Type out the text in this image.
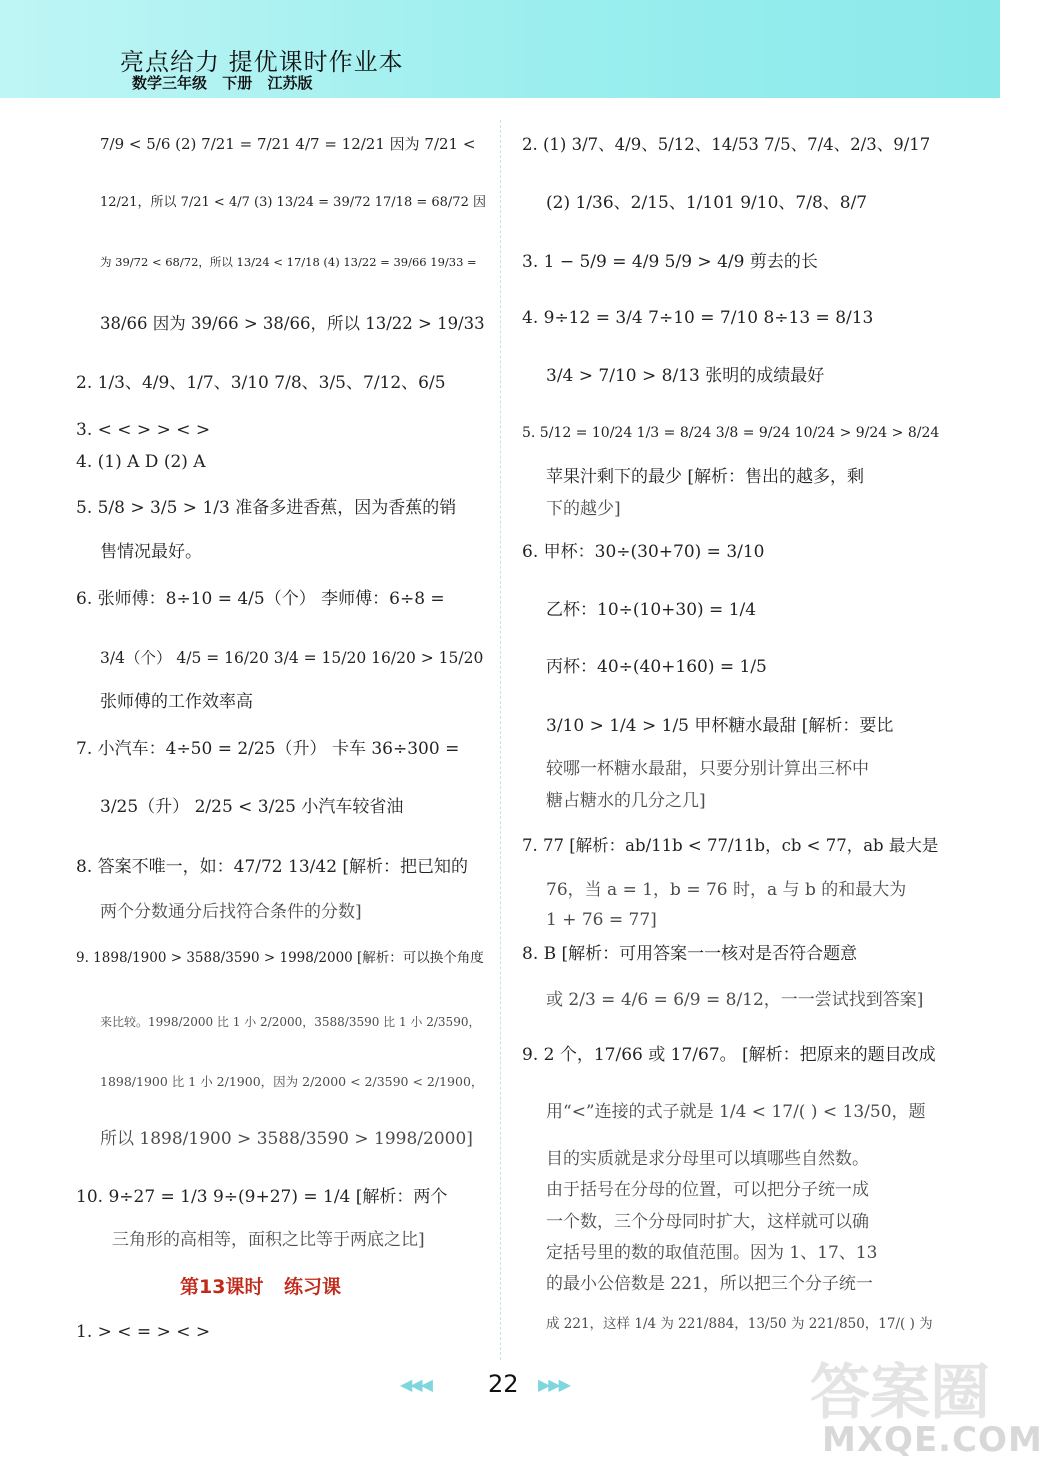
亮点给力 提优课时作业本
数学三年级 下册 江苏版
7/9 < 5/6 (2) 7/21 = 7/21 4/7 = 12/21 因为 7/21 <
12/21，所以 7/21 < 4/7 (3) 13/24 = 39/72 17/18 = 68/72 因
为 39/72 < 68/72，所以 13/24 < 17/18 (4) 13/22 = 39/66 19/33 =
38/66 因为 39/66 > 38/66，所以 13/22 > 19/33
2. 1/3、4/9、1/7、3/10 7/8、3/5、7/12、6/5
3. < < > > < >
4. (1) A D (2) A
5. 5/8 > 3/5 > 1/3 准备多进香蕉，因为香蕉的销
售情况最好。
6. 张师傅：8÷10 = 4/5（个） 李师傅：6÷8 =
3/4（个） 4/5 = 16/20 3/4 = 15/20 16/20 > 15/20
张师傅的工作效率高
7. 小汽车：4÷50 = 2/25（升） 卡车 36÷300 =
3/25（升） 2/25 < 3/25 小汽车较省油
8. 答案不唯一，如：47/72 13/42 [解析：把已知的
两个分数通分后找符合条件的分数]
9. 1898/1900 > 3588/3590 > 1998/2000 [解析：可以换个角度
来比较。1998/2000 比 1 小 2/2000，3588/3590 比 1 小 2/3590，
1898/1900 比 1 小 2/1900，因为 2/2000 < 2/3590 < 2/1900，
所以 1898/1900 > 3588/3590 > 1998/2000]
10. 9÷27 = 1/3 9÷(9+27) = 1/4 [解析：两个
三角形的高相等，面积之比等于两底之比]
1. > < = > < >
第13课时 练习课
2. (1) 3/7、4/9、5/12、14/53 7/5、7/4、2/3、9/17
(2) 1/36、2/15、1/101 9/10、7/8、8/7
3. 1 − 5/9 = 4/9 5/9 > 4/9 剪去的长
4. 9÷12 = 3/4 7÷10 = 7/10 8÷13 = 8/13
3/4 > 7/10 > 8/13 张明的成绩最好
5. 5/12 = 10/24 1/3 = 8/24 3/8 = 9/24 10/24 > 9/24 > 8/24
苹果汁剩下的最少 [解析：售出的越多，剩
下的越少]
6. 甲杯：30÷(30+70) = 3/10
乙杯：10÷(10+30) = 1/4
丙杯：40÷(40+160) = 1/5
3/10 > 1/4 > 1/5 甲杯糖水最甜 [解析：要比
较哪一杯糖水最甜，只要分别计算出三杯中
糖占糖水的几分之几]
7. 77 [解析：ab/11b < 77/11b，cb < 77，ab 最大是
76，当 a = 1，b = 76 时，a 与 b 的和最大为
1 + 76 = 77]
8. B [解析：可用答案一一核对是否符合题意
或 2/3 = 4/6 = 6/9 = 8/12，一一尝试找到答案]
9. 2 个，17/66 或 17/67。 [解析：把原来的题目改成
用“<”连接的式子就是 1/4 < 17/( ) < 13/50，题
目的实质就是求分母里可以填哪些自然数。
由于括号在分母的位置，可以把分子统一成
一个数，三个分母同时扩大，这样就可以确
定括号里的数的取值范围。因为 1、17、13
的最小公倍数是 221，所以把三个分子统一
成 221，这样 1/4 为 221/884，13/50 为 221/850，17/( ) 为
◀◀◀ 22 ▶▶▶	答案圈
MXQE.COM
